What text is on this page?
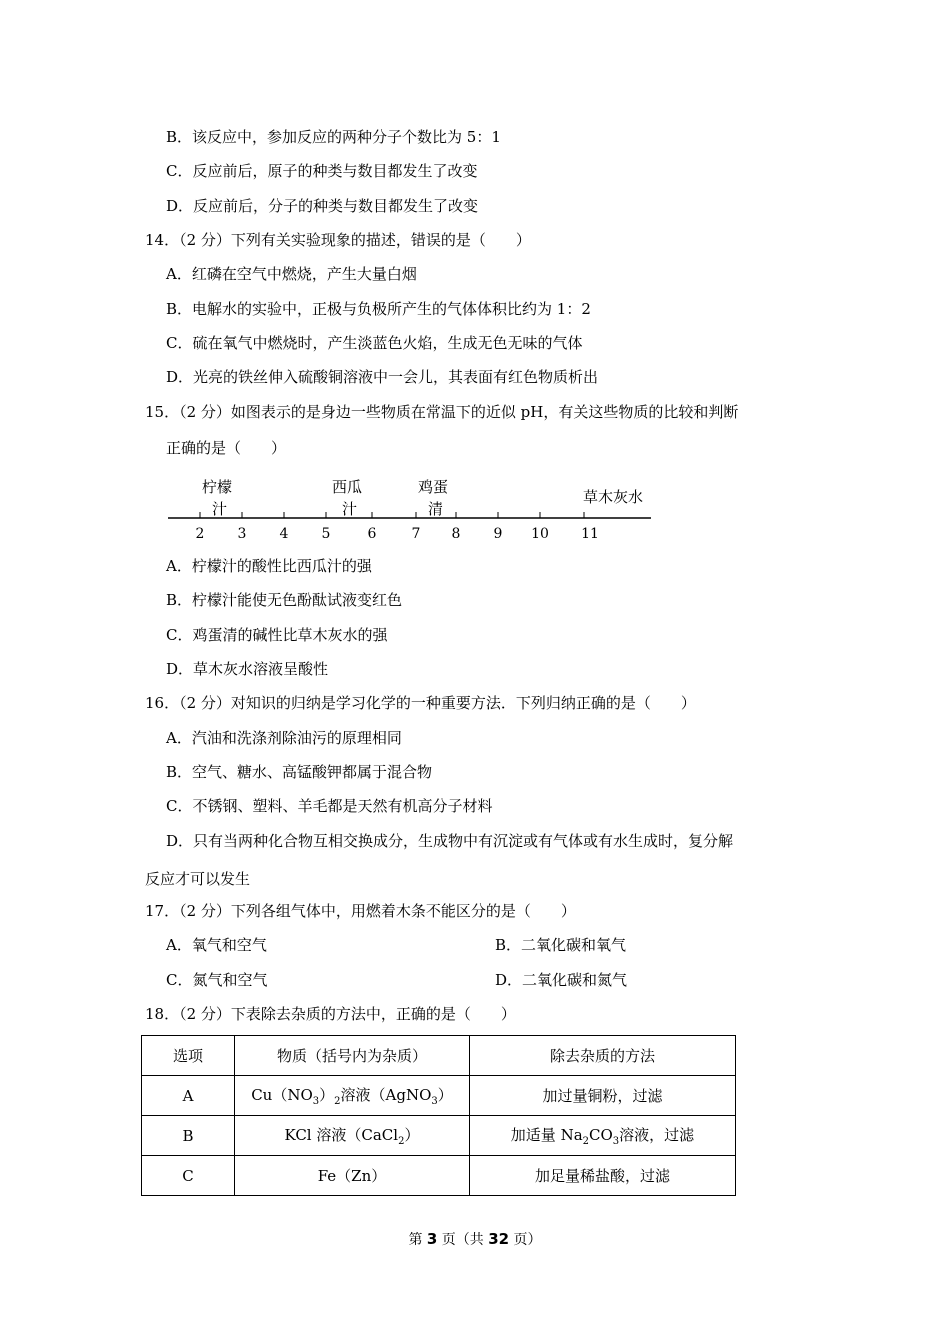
B．该反应中，参加反应的两种分子个数比为 5：1
C．反应前后，原子的种类与数目都发生了改变
D．反应前后，分子的种类与数目都发生了改变
14．（2 分）下列有关实验现象的描述，错误的是（　　）
A．红磷在空气中燃烧，产生大量白烟
B．电解水的实验中，正极与负极所产生的气体体积比约为 1：2
C．硫在氧气中燃烧时，产生淡蓝色火焰，生成无色无味的气体
D．光亮的铁丝伸入硫酸铜溶液中一会儿，其表面有红色物质析出
15．（2 分）如图表示的是身边一些物质在常温下的近似 pH，有关这些物质的比较和判断
正确的是（　　）
柠檬
汁
西瓜
汁
鸡蛋
清
草木灰水
2 3 4 5	6	7 8 9 10 11
A．柠檬汁的酸性比西瓜汁的强
B．柠檬汁能使无色酚酞试液变红色
C．鸡蛋清的碱性比草木灰水的强
D．草木灰水溶液呈酸性
16．（2 分）对知识的归纳是学习化学的一种重要方法．下列归纳正确的是（　　）
A．汽油和洗涤剂除油污的原理相同
B．空气、糖水、高锰酸钾都属于混合物
C．不锈钢、塑料、羊毛都是天然有机高分子材料
D．只有当两种化合物互相交换成分，生成物中有沉淀或有气体或有水生成时，复分解
反应才可以发生
17．（2 分）下列各组气体中，用燃着木条不能区分的是（　　）
A．氧气和空气	B．二氧化碳和氧气
C．氮气和空气	D．二氧化碳和氮气
18．（2 分）下表除去杂质的方法中，正确的是（　　）
选项	物质（括号内为杂质）	除去杂质的方法
A	$Cu(NO_3)_2$溶液（AgNO$_3$）	加过量铜粉，过滤
B	KCl 溶液（CaCl$_2$）	加适量 $Na_2CO_3$溶液，过滤
C	Fe（Zn）	加足量稀盐酸，过滤
第 3 页（共 32 页）
